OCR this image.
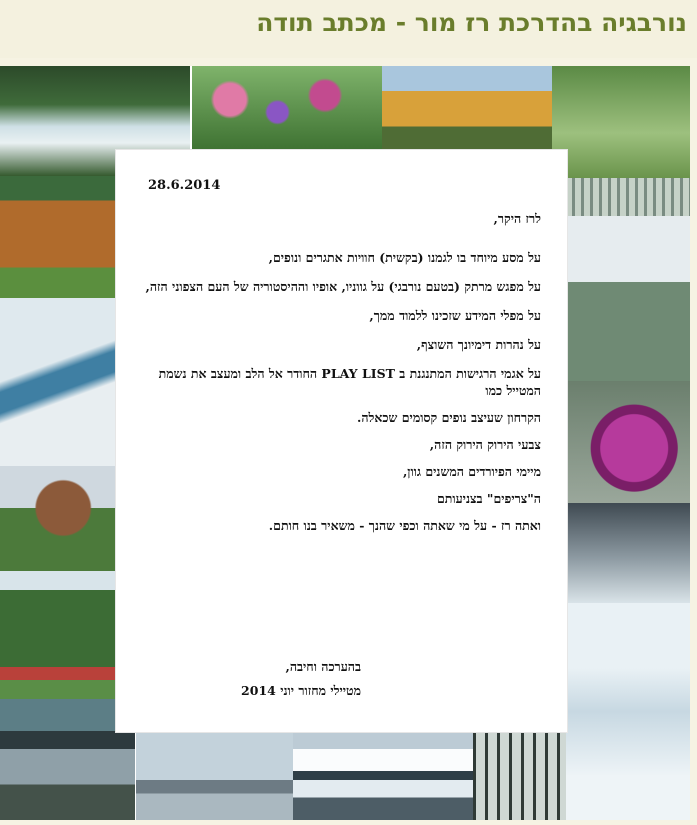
נורבגיה בהדרכת רז מור - מכתב תודה
28.6.2014

לרז היקר,

על מסע מיוחד בו לגמנו (בקשית) חוויות אתגרים ונופים,

על מפגש מרתק (בטעם נורבגי) על גווניו, אופיו וההיסטוריה של העם הצפוני הזה,

על מפלי המידע שזכינו ללמוד ממך,

על נהרות דימיונך השוצף,

על אגמי הרגישות המתנגנת ב PLAY LIST החודר אל הלב ומעצב את נשמת המטייל כמו

הקרחון שעיצב נופים קסומים שכאלה.

צבעי הירוק הירוק הזה,

מיימי הפיורדים המשנים גוון,

ה"צריפים" בצניעותם

ואתה רז - על מי שאתה וכפי שהנך - משאיר בנו חותם.

בהערכה וחיבה,
מטיילי מחזור יוני 2014
